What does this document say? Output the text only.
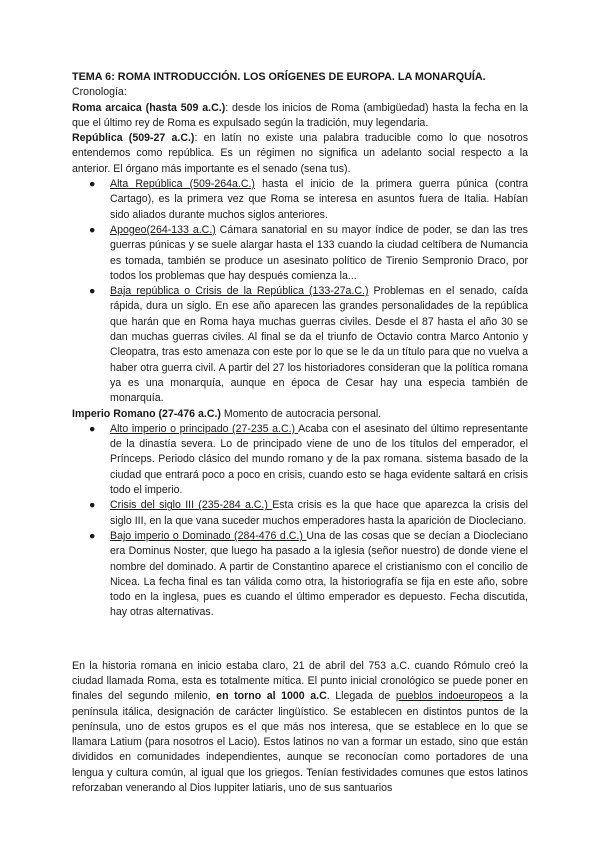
TEMA 6: ROMA INTRODUCCIÓN. LOS ORÍGENES DE EUROPA. LA MONARQUÍA.

Cronología:

Roma arcaica (hasta 509 a.C.): desde los inicios de Roma (ambigüedad) hasta la fecha en la que el último rey de Roma es expulsado según la tradición, muy legendaria.

República (509-27 a.C.): en latín no existe una palabra traducible como lo que nosotros entendemos como república. Es un régimen no significa un adelanto social respecto a la anterior. El órgano más importante es el senado (sena tus).

● Alta República (509-264a.C.) hasta el inicio de la primera guerra púnica (contra Cartago), es la primera vez que Roma se interesa en asuntos fuera de Italia. Habían sido aliados durante muchos siglos anteriores.
● Apogeo(264-133 a.C.) Cámara sanatorial en su mayor índice de poder, se dan las tres guerras púnicas y se suele alargar hasta el 133 cuando la ciudad celtíbera de Numancia es tomada, también se produce un asesinato político de Tirenio Sempronio Draco, por todos los problemas que hay después comienza la...
● Baja república o Crisis de la República (133-27a.C.) Problemas en el senado, caída rápida, dura un siglo. En ese año aparecen las grandes personalidades de la república que harán que en Roma haya muchas guerras civiles. Desde el 87 hasta el año 30 se dan muchas guerras civiles. Al final se da el triunfo de Octavio contra Marco Antonio y Cleopatra, tras esto amenaza con este por lo que se le da un título para que no vuelva a haber otra guerra civil. A partir del 27 los historiadores consideran que la política romana ya es una monarquía, aunque en época de Cesar hay una especia también de monarquía.

Imperio Romano (27-476 a.C.) Momento de autocracia personal.

● Alto imperio o principado (27-235 a.C.) Acaba con el asesinato del último representante de la dinastía severa. Lo de principado viene de uno de los títulos del emperador, el Prínceps. Periodo clásico del mundo romano y de la pax romana. sistema basado de la ciudad que entrará poco a poco en crisis, cuando esto se haga evidente saltará en crisis todo el imperio.
● Crisis del siglo III (235-284 a.C.) Esta crisis es la que hace que aparezca la crisis del siglo III, en la que vana suceder muchos emperadores hasta la aparición de Diocleciano.
● Bajo imperio o Dominado (284-476 d.C.) Una de las cosas que se decían a Diocleciano era Dominus Noster, que luego ha pasado a la iglesia (señor nuestro) de donde viene el nombre del dominado. A partir de Constantino aparece el cristianismo con el concilio de Nicea. La fecha final es tan válida como otra, la historiografía se fija en este año, sobre todo en la inglesa, pues es cuando el último emperador es depuesto. Fecha discutida, hay otras alternativas.

En la historia romana en inicio estaba claro, 21 de abril del 753 a.C. cuando Rómulo creó la ciudad llamada Roma, esta es totalmente mítica. El punto inicial cronológico se puede poner en finales del segundo milenio, en torno al 1000 a.C. Llegada de pueblos indoeuropeos a la península itálica, designación de carácter lingüístico. Se establecen en distintos puntos de la península, uno de estos grupos es el que más nos interesa, que se establece en lo que se llamara Latium (para nosotros el Lacio). Estos latinos no van a formar un estado, sino que están divididos en comunidades independientes, aunque se reconocían como portadores de una lengua y cultura común, al igual que los griegos. Tenían festividades comunes que estos latinos reforzaban venerando al Dios Iuppiter latiaris, uno de sus santuarios
